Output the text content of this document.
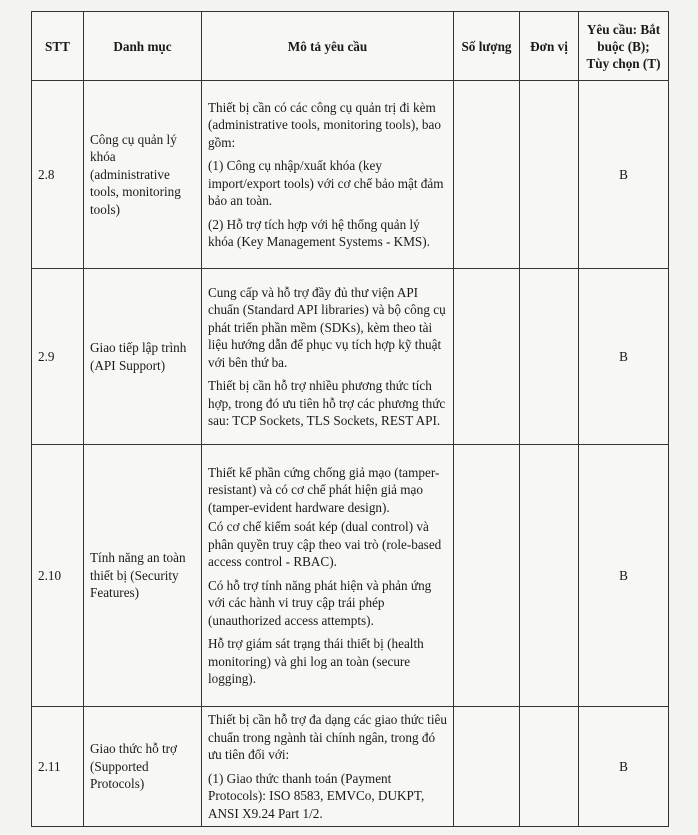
STT	Danh mục	Mô tả yêu cầu	Số lượng	Đơn vị	Yêu cầu: Bắt buộc (B); Tùy chọn (T)
2.8	Công cụ quản lý khóa (administrative tools, monitoring tools)	Thiết bị cần có các công cụ quản trị đi kèm (administrative tools, monitoring tools), bao gồm:

(1) Công cụ nhập/xuất khóa (key import/export tools) với cơ chế bảo mật đảm bảo an toàn.

(2) Hỗ trợ tích hợp với hệ thống quản lý khóa (Key Management Systems - KMS).			B
2.9	Giao tiếp lập trình (API Support)	Cung cấp và hỗ trợ đầy đủ thư viện API chuẩn (Standard API libraries) và bộ công cụ phát triển phần mềm (SDKs), kèm theo tài liệu hướng dẫn để phục vụ tích hợp kỹ thuật với bên thứ ba.

Thiết bị cần hỗ trợ nhiều phương thức tích hợp, trong đó ưu tiên hỗ trợ các phương thức sau: TCP Sockets, TLS Sockets, REST API.			B
2.10	Tính năng an toàn thiết bị (Security Features)	Thiết kế phần cứng chống giả mạo (tamper-resistant) và có cơ chế phát hiện giả mạo (tamper-evident hardware design).

Có cơ chế kiểm soát kép (dual control) và phân quyền truy cập theo vai trò (role-based access control - RBAC).

Có hỗ trợ tính năng phát hiện và phản ứng với các hành vi truy cập trái phép (unauthorized access attempts).

Hỗ trợ giám sát trạng thái thiết bị (health monitoring) và ghi log an toàn (secure logging).			B
2.11	Giao thức hỗ trợ (Supported Protocols)	Thiết bị cần hỗ trợ đa dạng các giao thức tiêu chuẩn trong ngành tài chính ngân, trong đó ưu tiên đối với:

(1) Giao thức thanh toán (Payment Protocols): ISO 8583, EMVCo, DUKPT, ANSI X9.24 Part 1/2.			B
